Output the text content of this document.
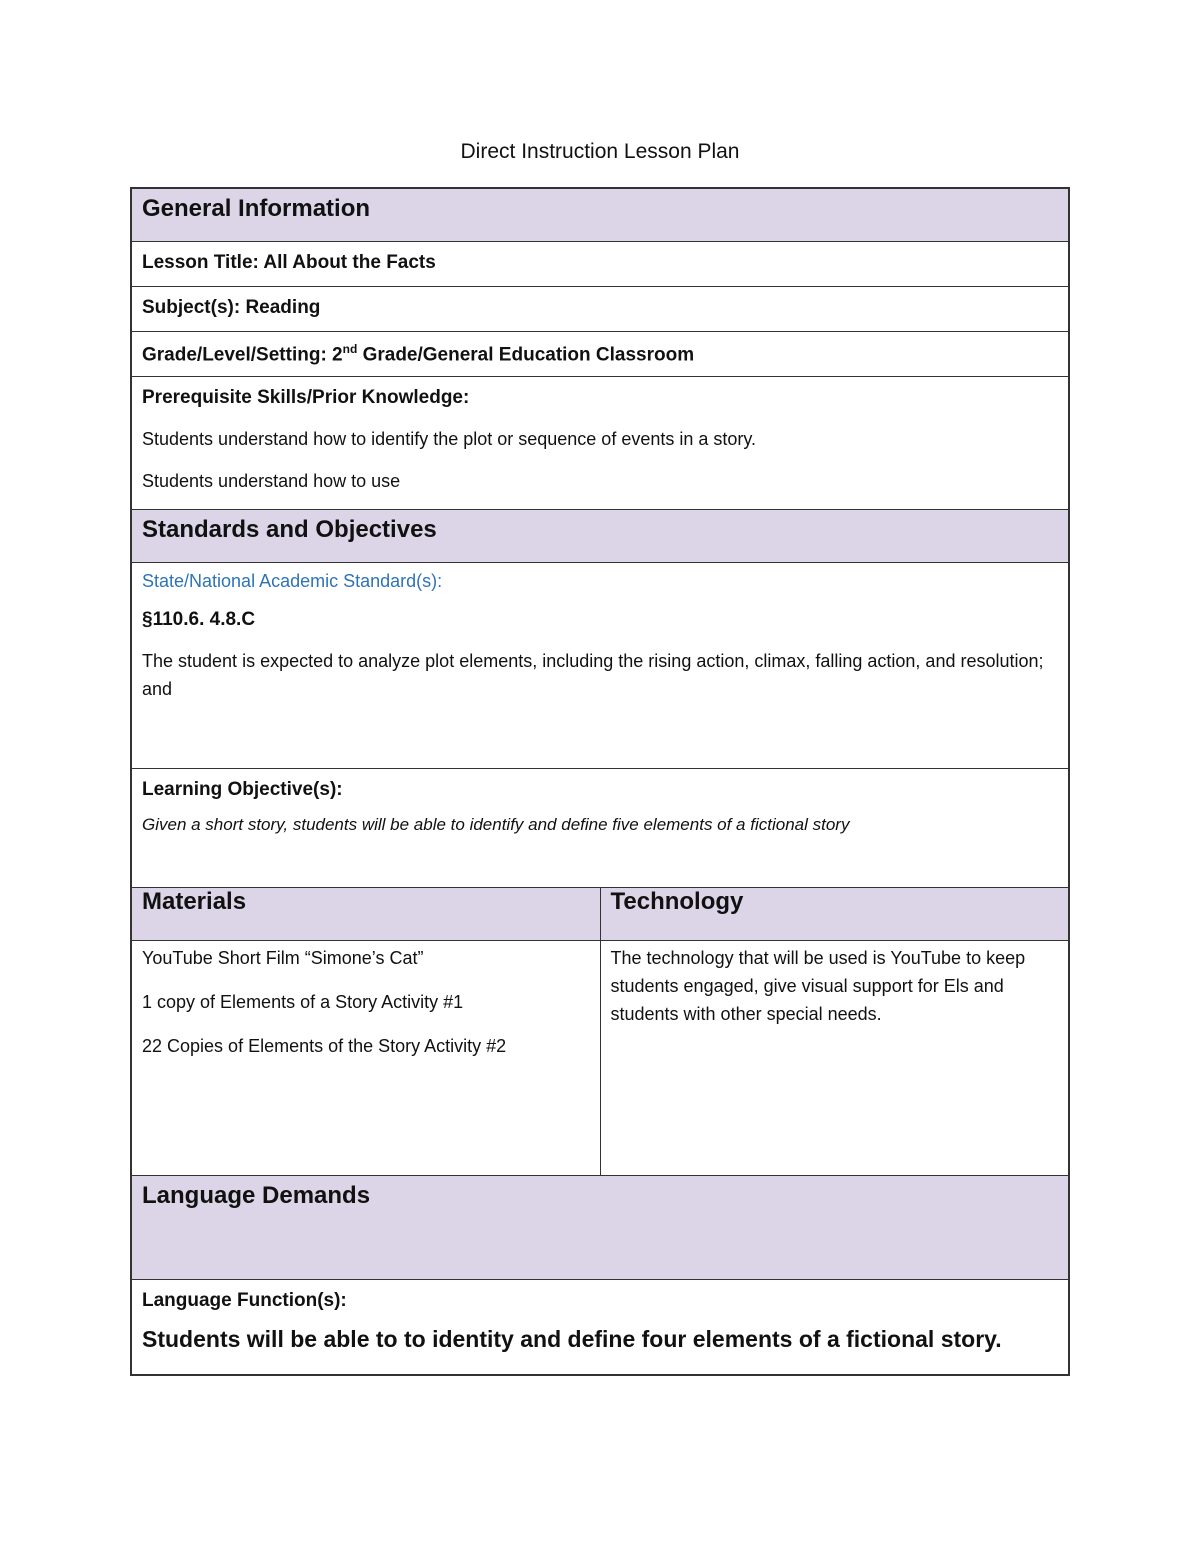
Direct Instruction Lesson Plan
General Information
Lesson Title: All About the Facts
Subject(s): Reading
Grade/Level/Setting: 2nd Grade/General Education Classroom

Prerequisite Skills/Prior Knowledge:

Students understand how to identify the plot or sequence of events in a story.

Students understand how to use

Standards and Objectives

State/National Academic Standard(s):

§110.6. 4.8.C

The student is expected to analyze plot elements, including the rising action, climax, falling action, and resolution; and

Learning Objective(s):

Given a short story, students will be able to identify and define five elements of a fictional story

Materials	Technology

YouTube Short Film “Simone’s Cat”

1 copy of Elements of a Story Activity #1

22 Copies of Elements of the Story Activity #2

The technology that will be used is YouTube to keep students engaged, give visual support for Els and students with other special needs.

Language Demands

Language Function(s):

Students will be able to to identity and define four elements of a fictional story.
